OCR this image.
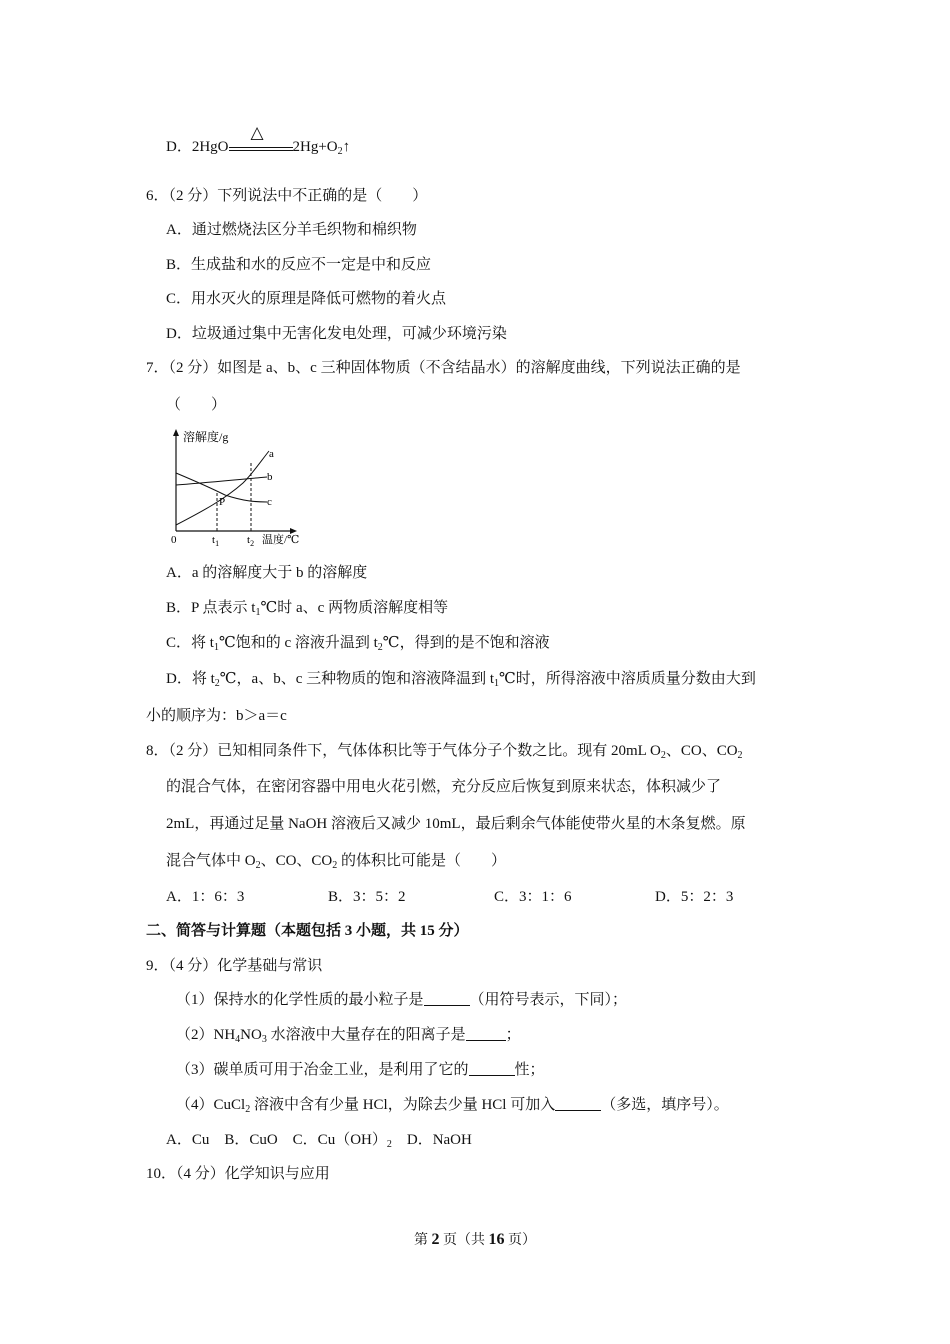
D．2HgO
△
$2Hg+O_2↑$
6．（2 分）下列说法中不正确的是（　　）
A．通过燃烧法区分羊毛织物和棉织物
B．生成盐和水的反应不一定是中和反应
C．用水灭火的原理是降低可燃物的着火点
D．垃圾通过集中无害化发电处理，可减少环境污染
7．（2 分）如图是 a、b、c 三种固体物质（不含结晶水）的溶解度曲线，下列说法正确的是
（　　）
溶解度/g
a
b
c
P
0	$t_1$	$t_2$ 温度/℃
A．a 的溶解度大于 b 的溶解度
B．P 点表示 $t_1℃$时 a、c 两物质溶解度相等
C．将 $t_1℃$饱和的 c 溶液升温到 $t_2℃$，得到的是不饱和溶液
D．将 $t_2℃$，a、b、c 三种物质的饱和溶液降温到 $t_1℃$时，所得溶液中溶质质量分数由大到
小的顺序为：b＞a＝c
8．（2 分）已知相同条件下，气体体积比等于气体分子个数之比。现有 20mL $O_2$、CO、$CO_2$
的混合气体，在密闭容器中用电火花引燃，充分反应后恢复到原来状态，体积减少了
2mL，再通过足量 NaOH 溶液后又减少 10mL，最后剩余气体能使带火星的木条复燃。原
混合气体中 $O_2$、CO、$CO_2$ 的体积比可能是（　　）
A．1：6：3	B．3：5：2	C．3：1：6	D．5：2：3
二、简答与计算题（本题包括 3 小题，共 15 分）
9．（4 分）化学基础与常识
（1）保持水的化学性质的最小粒子是	（用符号表示，下同）；
$(2)NH_4NO_3$ 水溶液中大量存在的阳离子是	；
（3）碳单质可用于冶金工业，是利用了它的	性；
（4）CuCl$_2$ 溶液中含有少量 HCl，为除去少量 HCl 可加入	（多选，填序号）。
A．Cu　B．CuO　C．$Cu(OH)_2$　D．NaOH
10．（4 分）化学知识与应用
第 2 页（共 16 页）
